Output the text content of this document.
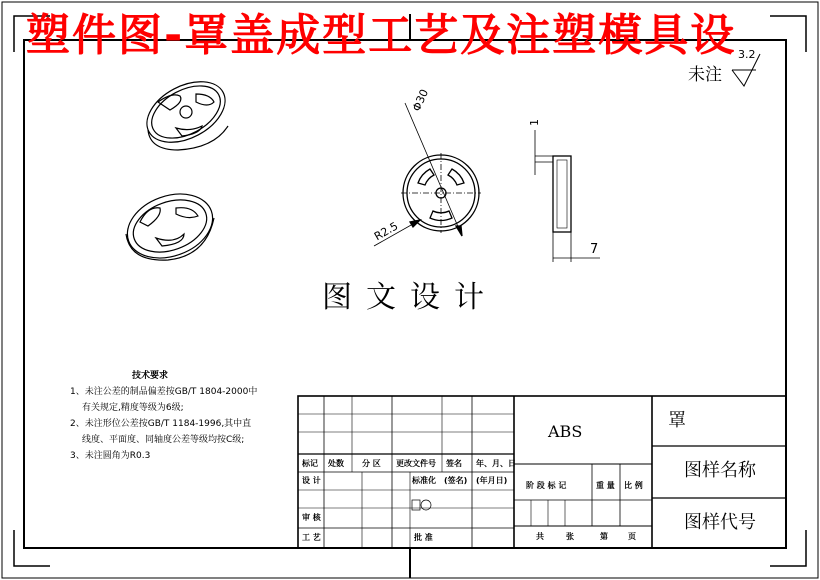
塑件图-罩盖成型工艺及注塑模具设
图文设计
未注
3.2
Φ30
R2.5
1
7
技术要求
1、未注公差的制品偏差按GB/T 1804-2000中
有关规定,精度等级为6级;
2、未注形位公差按GB/T 1184-1996,其中直
线度、平面度、同轴度公差等级均按C级;
3、未注圆角为R0.3
标记 处数 分 区 更改文件号 签名 年、月、日
设 计	标准化 (签名) (年月日)
审 核
工 艺	批 准
阶 段 标 记	重 量 比 例
共	张	第	页
ABS
罩
图样名称
图样代号
